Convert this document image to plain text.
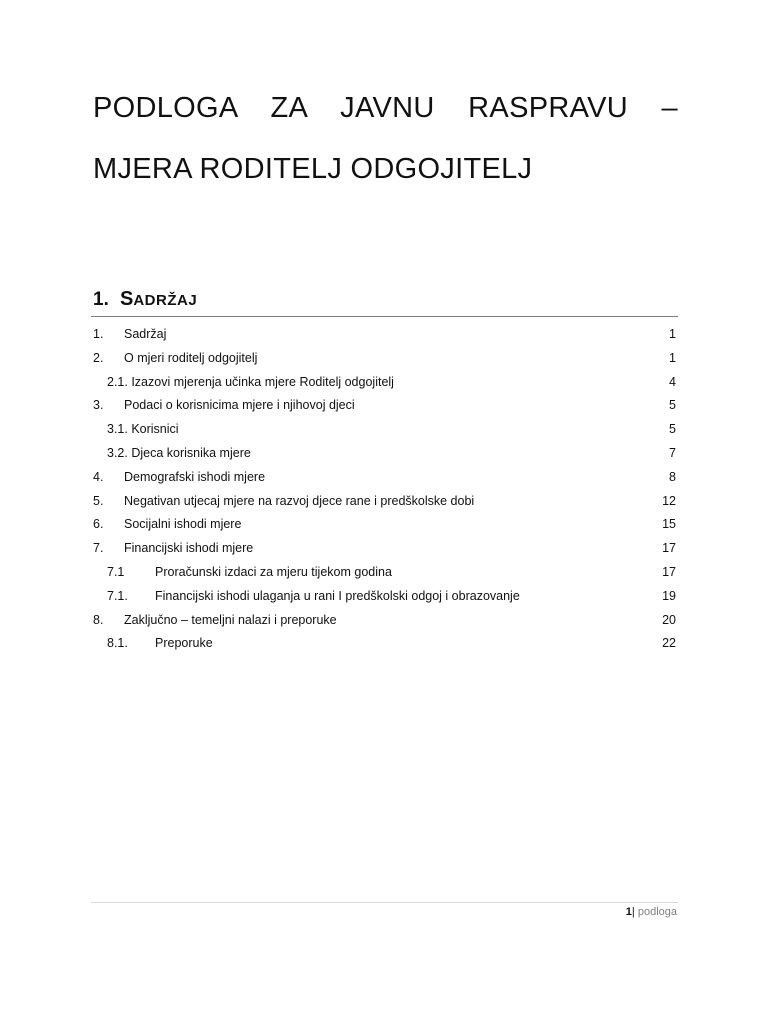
PODLOGA ZA JAVNU RASPRAVU –
MJERA RODITELJ ODGOJITELJ
1. SADRŽAJ
1. Sadržaj	1
2. O mjeri roditelj odgojitelj	1
2.1. Izazovi mjerenja učinka mjere Roditelj odgojitelj	4
3. Podaci o korisnicima mjere i njihovoj djeci	5
3.1. Korisnici	5
3.2. Djeca korisnika mjere	7
4. Demografski ishodi mjere	8
5. Negativan utjecaj mjere na razvoj djece rane i predškolske dobi	12
6. Socijalni ishodi mjere	15
7. Financijski ishodi mjere	17
7.1 Proračunski izdaci za mjeru tijekom godina	17
7.1. Financijski ishodi ulaganja u rani I predškolski odgoj i obrazovanje	19
8. Zaključno – temeljni nalazi i preporuke	20
8.1. Preporuke	22
1| podloga
